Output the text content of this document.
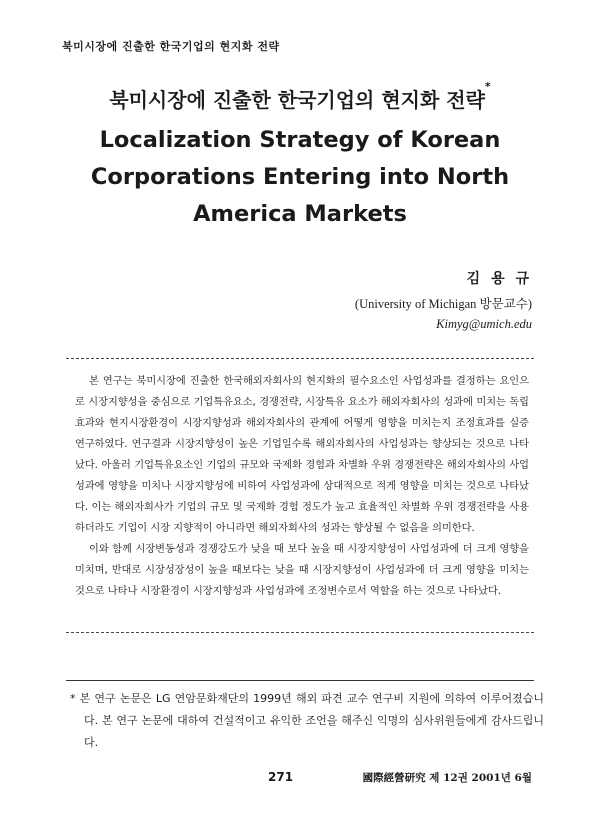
북미시장에 진출한 한국기업의 현지화 전략
북미시장에 진출한 한국기업의 현지화 전략*
Localization Strategy of Korean
Corporations Entering into North
America Markets
김 용 규
(University of Michigan 방문교수)
Kimyg@umich.edu

본 연구는 북미시장에 진출한 한국해외자회사의 현지화의 필수요소인 사업성과를 결정하는 요인으로 시장지향성을 중심으로 기업특유요소, 경쟁전략, 시장특유 요소가 해외자회사의 성과에 미치는 독립효과와 현지시장환경이 시장지향성과 해외자회사의 관계에 어떻게 영향을 미치는지 조정효과를 실증 연구하였다. 연구결과 시장지향성이 높은 기업일수록 해외자회사의 사업성과는 향상되는 것으로 나타났다. 아울러 기업특유요소인 기업의 규모와 국제화 경험과 차별화 우위 경쟁전략은 해외자회사의 사업성과에 영향을 미치나 시장지향성에 비하여 사업성과에 상대적으로 적게 영향을 미치는 것으로 나타났다. 이는 해외자회사가 기업의 규모 및 국제화 경험 정도가 높고 효율적인 차별화 우위 경쟁전략을 사용하더라도 기업이 시장 지향적이 아니라면 해외자회사의 성과는 향상될 수 없음을 의미한다.

이와 함께 시장변동성과 경쟁강도가 낮을 때 보다 높을 때 시장지향성이 사업성과에 더 크게 영향을 미치며, 반대로 시장성장성이 높을 때보다는 낮을 때 시장지향성이 사업성과에 더 크게 영향을 미치는 것으로 나타나 시장환경이 시장지향성과 사업성과에 조정변수로서 역할을 하는 것으로 나타났다.

* 본 연구 논문은 LG 연암문화재단의 1999년 해외 파견 교수 연구비 지원에 의하여 이루어졌습니다. 본 연구 논문에 대하여 건설적이고 유익한 조언을 해주신 익명의 심사위원들에게 감사드립니다.
271	國際經營研究 제 12권 2001년 6월
